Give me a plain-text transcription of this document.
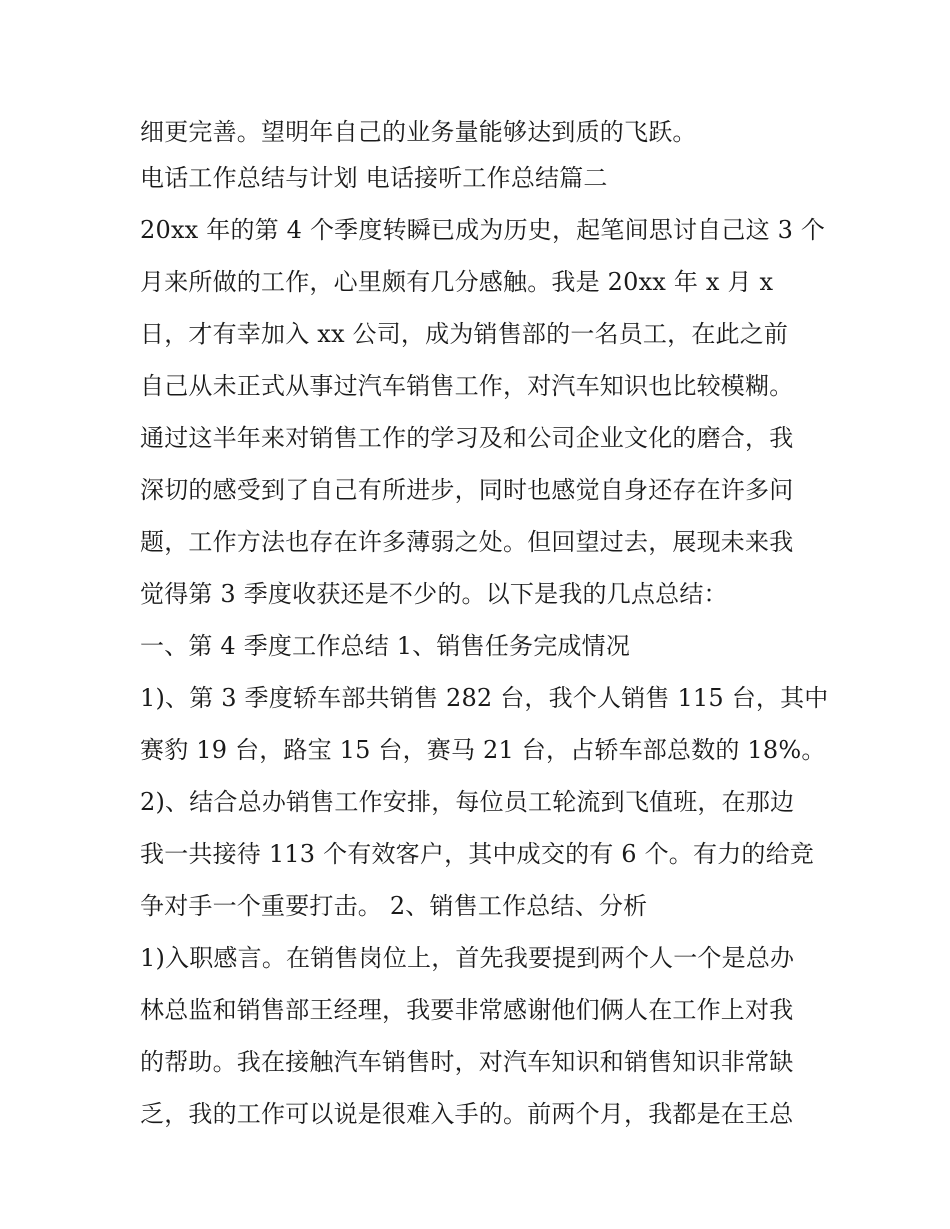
细更完善。望明年自己的业务量能够达到质的飞跃。
电话工作总结与计划 电话接听工作总结篇二
20xx 年的第 4 个季度转瞬已成为历史，起笔间思讨自己这 3 个
月来所做的工作，心里颇有几分感触。我是 20xx 年 x 月 x
日，才有幸加入 xx 公司，成为销售部的一名员工，在此之前
自己从未正式从事过汽车销售工作，对汽车知识也比较模糊。
通过这半年来对销售工作的学习及和公司企业文化的磨合，我
深切的感受到了自己有所进步，同时也感觉自身还存在许多问
题，工作方法也存在许多薄弱之处。但回望过去，展现未来我
觉得第 3 季度收获还是不少的。以下是我的几点总结：
一、第 4 季度工作总结 1、销售任务完成情况
1)、第 3 季度轿车部共销售 282 台，我个人销售 115 台，其中
赛豹 19 台，路宝 15 台，赛马 21 台，占轿车部总数的 18%。
2)、结合总办销售工作安排，每位员工轮流到飞值班，在那边
我一共接待 113 个有效客户，其中成交的有 6 个。有力的给竞
争对手一个重要打击。 2、销售工作总结、分析
1)入职感言。在销售岗位上，首先我要提到两个人一个是总办
林总监和销售部王经理，我要非常感谢他们俩人在工作上对我
的帮助。我在接触汽车销售时，对汽车知识和销售知识非常缺
乏，我的工作可以说是很难入手的。前两个月，我都是在王总
